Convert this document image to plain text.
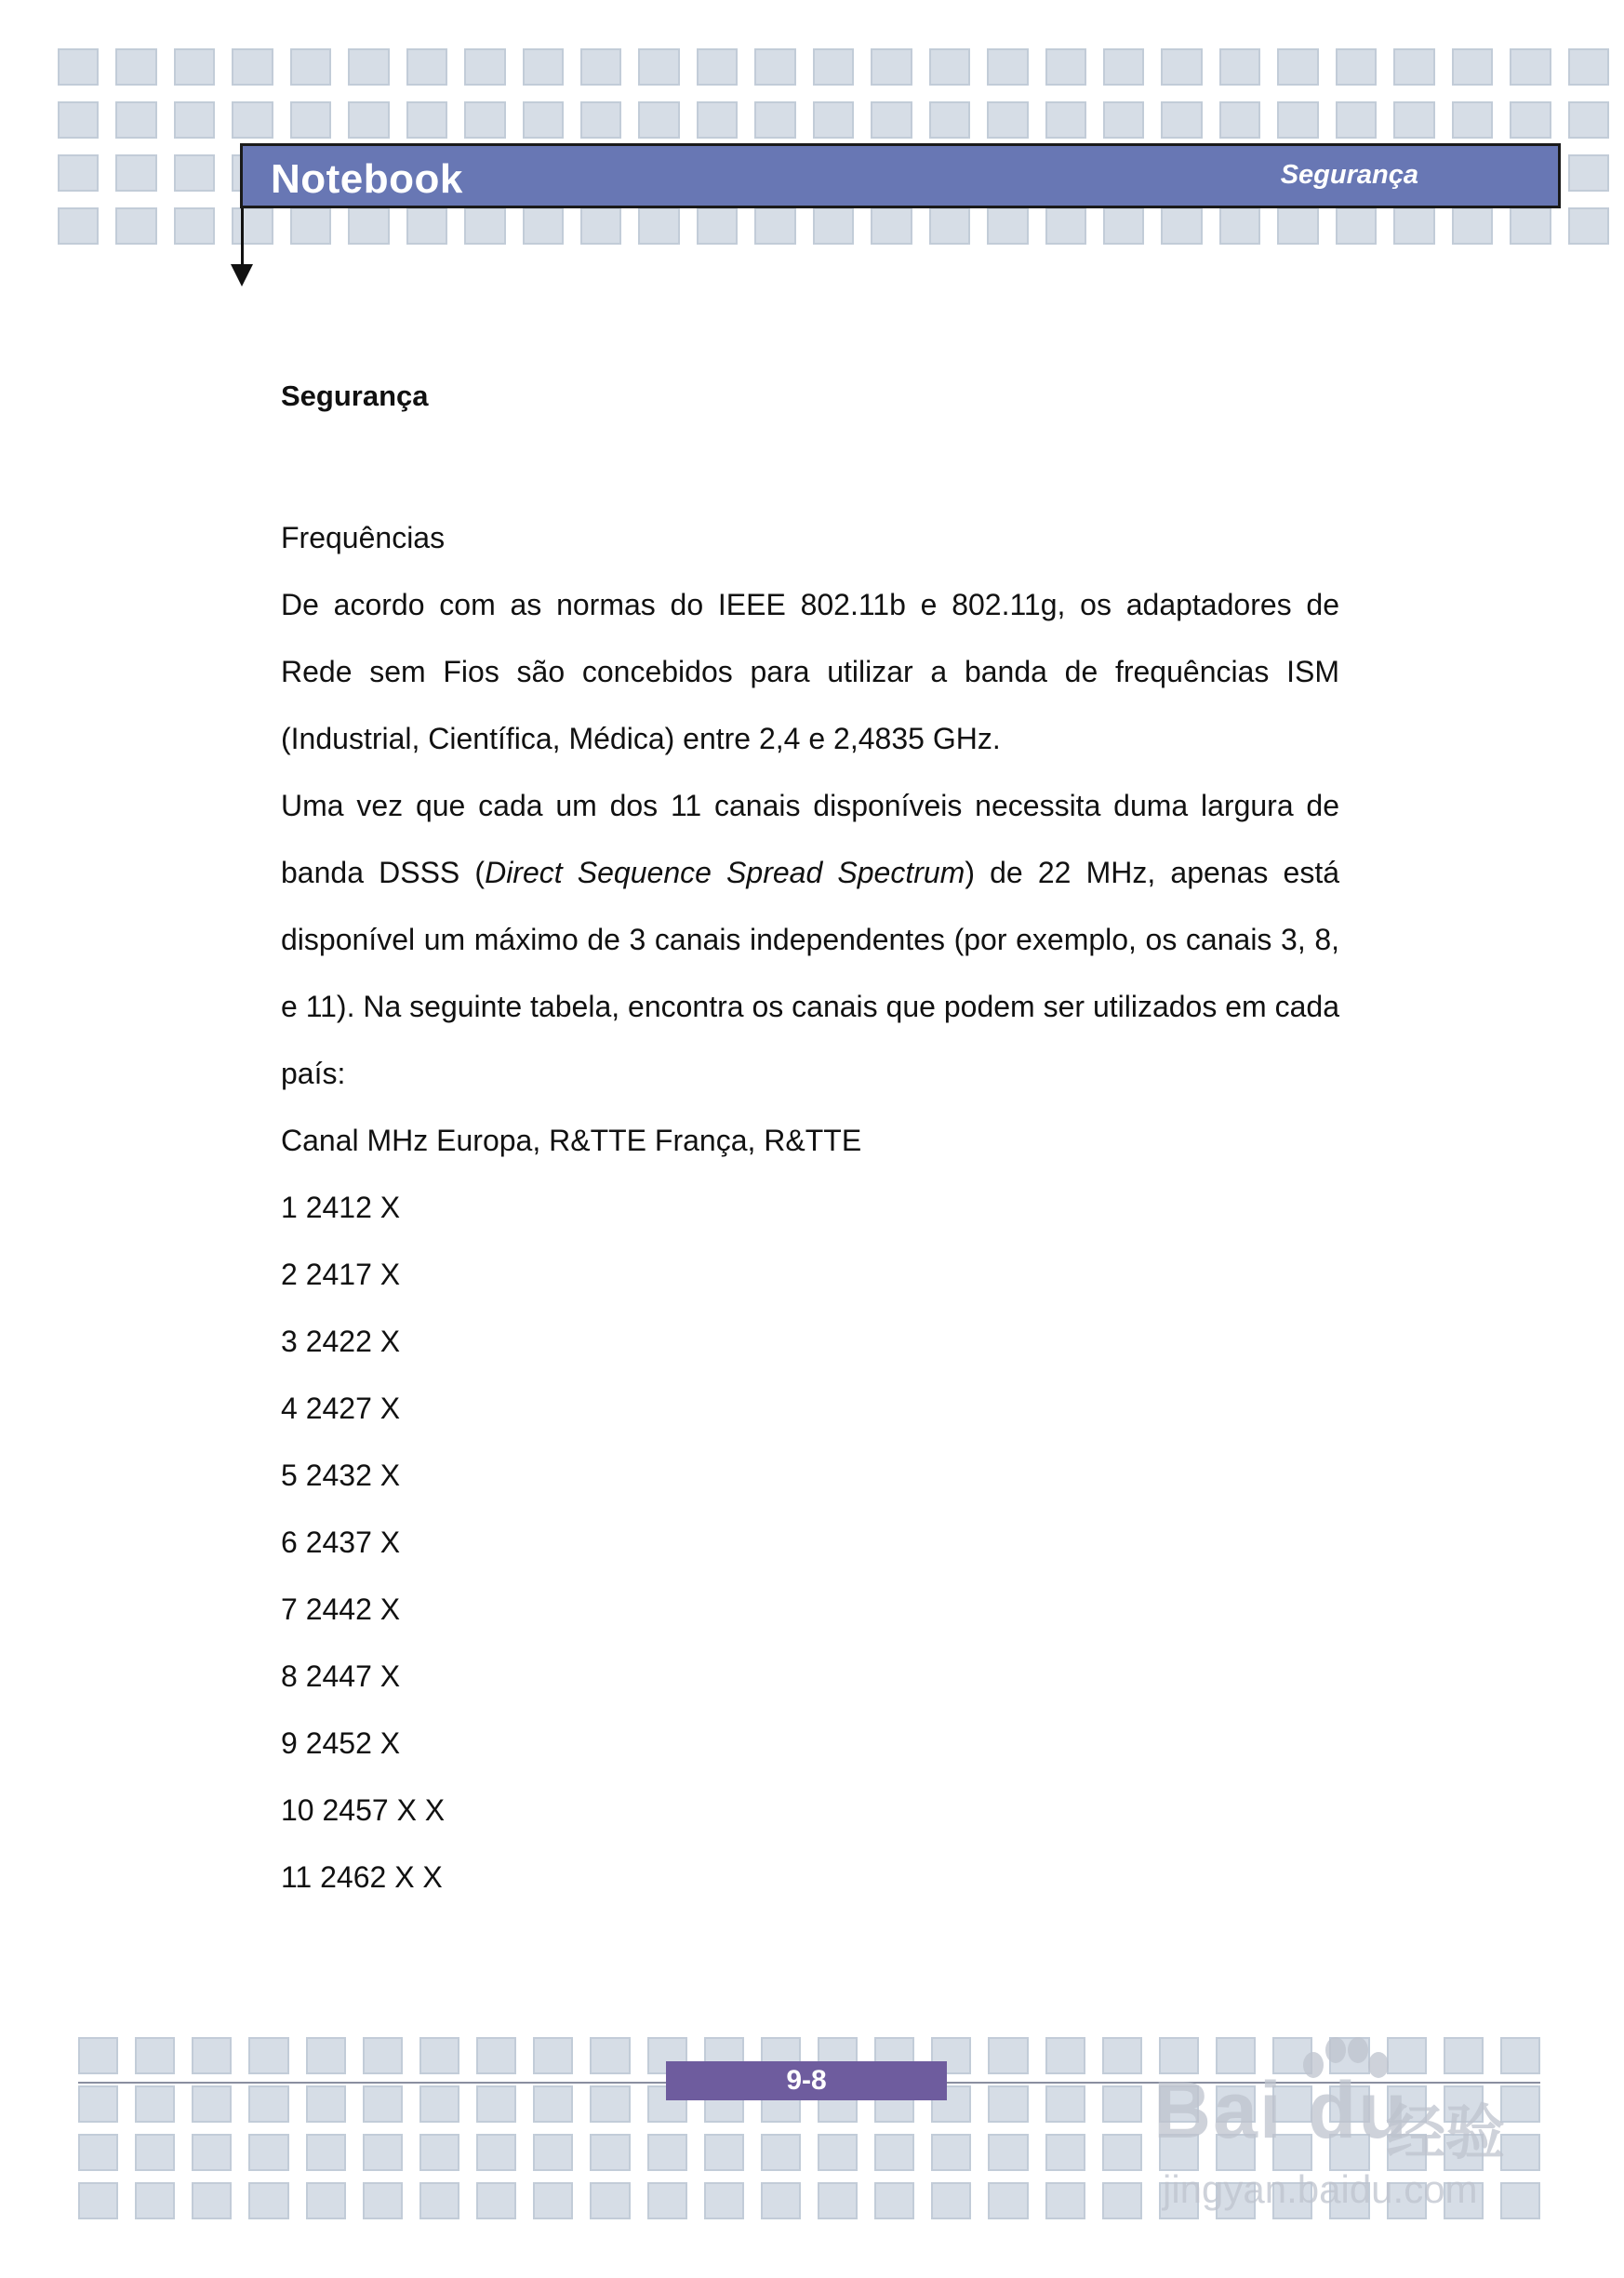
Notebook	Segurança
Segurança

Frequências

De acordo com as normas do IEEE 802.11b e 802.11g, os adaptadores de Rede sem Fios são concebidos para utilizar a banda de frequências ISM (Industrial, Científica, Médica) entre 2,4 e 2,4835 GHz.

Uma vez que cada um dos 11 canais disponíveis necessita duma largura de banda DSSS (Direct Sequence Spread Spectrum) de 22 MHz, apenas está disponível um máximo de 3 canais independentes (por exemplo, os canais 3, 8, e 11). Na seguinte tabela, encontra os canais que podem ser utilizados em cada país:

Canal MHz Europa, R&TTE França, R&TTE

1 2412 X

2 2417 X

3 2422 X

4 2427 X

5 2432 X

6 2437 X

7 2442 X

8 2447 X

9 2452 X

10 2457 X X

11 2462 X X

9-8	Bai du
经验
jingyan.baidu.com
